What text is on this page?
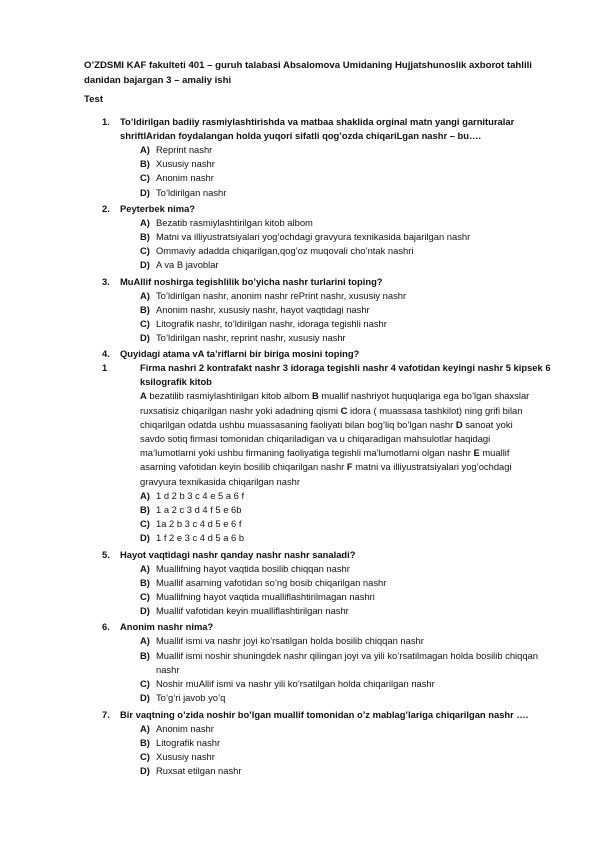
O’ZDSMI KAF fakulteti 401 – guruh talabasi Absalomova Umidaning Hujjatshunoslik axborot tahlili danidan bajargan 3 – amaliy ishi
Test
1.	To’ldirilgan badiiy rasmiylashtirishda va matbaa shaklida orginal matn yangi garnituralar shriftlAridan foydalangan holda yuqori sifatli qog’ozda chiqariLgan nashr – bu….
A) Reprint nashr
B) Xususiy nashr
C) Anonim nashr
D) To’ldirilgan nashr
2.	Peyterbek nima?
A) Bezatib rasmiylashtirilgan kitob albom
B) Matni va illiyustratsiyalari yog’ochdagi gravyura texnikasida bajarilgan nashr
C) Ommaviy adadda chiqarilgan,qog’oz muqovali cho’ntak nashri
D) A va B javoblar
3.	MuAllif noshirga tegishlilik bo’yicha nashr turlarini toping?
A) To’ldirilgan nashr, anonim nashr rePrint nashr, xususiy nashr
B) Anonim nashr, xususiy nashr, hayot vaqtidagi nashr
C) Litografik nashr, to’ldirilgan nashr, idoraga tegishli nashr
D) To’ldirilgan nashr, reprint nashr, xususiy nashr
4.	Quyidagi atama vA ta’riflarni bir biriga mosini toping?
1	Firma nashri 2 kontrafakt nashr 3 idoraga tegishli nashr 4 vafotidan keyingi nashr 5 kipsek 6 ksilografik kitob
A bezatilib rasmiylashtirilgan kitob albom B muallif nashriyot huquqlariga ega bo’lgan shaxslar ruxsatisiz chiqarilgan nashr yoki adadning qismi C idora ( muassasa tashkilot) ning grifi bilan chiqarilgan odatda ushbu muassasaning faoliyati bilan bog’liq bo’lgan nashr D sanoat yoki savdo sotiq firmasi tomonidan chiqariladigan va u chiqaradigan mahsulotlar haqidagi ma’lumotlarni yoki ushbu firmaning faoliyatiga tegishli ma’lumotlarni olgan nashr E muallif asarning vafotidan keyin bosilib chiqarilgan nashr F matni va illiyustratsiyalari yog’ochdagi gravyura texnikasida chiqarilgan nashr
A) 1 d 2 b 3 c 4 e 5 a 6 f
B) 1 a 2 c 3 d 4 f 5 e 6b
C) 1a 2 b 3 c 4 d 5 e 6 f
D) 1 f 2 e 3 c 4 d 5 a 6 b
5.	Hayot vaqtidagi nashr qanday nashr nashr sanaladi?
A) Muallifning hayot vaqtida bosilib chiqqan nashr
B) Muallif asarning vafotidan so’ng bosib chiqarilgan nashr
C) Muallifning hayot vaqtida mualliflashtirilmagan nashri
D) Muallif vafotidan keyin mualliflashtirilgan nashr
6.	Anonim nashr nima?
A) Muallif ismi va nashr joyi ko’rsatilgan holda bosilib chiqqan nashr
B) Muallif ismi noshir shuningdek nashr qilingan joyi va yili ko’rsatilmagan holda bosilib chiqqan nashr
C) Noshir muAllif ismi va nashr yili ko’rsatilgan holda chiqarilgan nashr
D) To’g’ri javob yo’q
7.	Bir vaqtning o’zida noshir bo’lgan muallif tomonidan o’z mablag’lariga chiqarilgan nashr ….
A) Anonim nashr
B) Litografik nashr
C) Xususiy nashr
D) Ruxsat etilgan nashr
